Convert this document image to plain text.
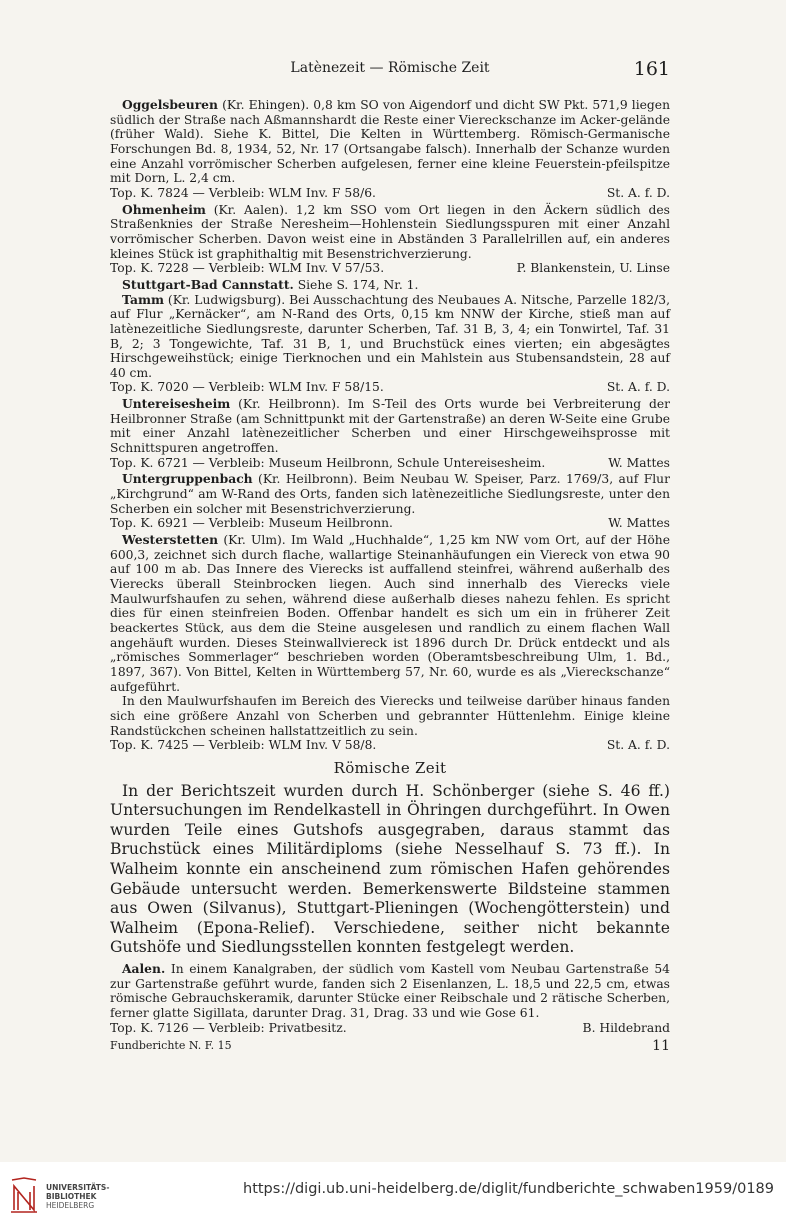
Latènezeit — Römische Zeit	161

Oggelsbeuren (Kr. Ehingen). 0,8 km SO von Aigendorf und dicht SW Pkt. 571,9 liegen südlich der Straße nach Aßmannshardt die Reste einer Viereckschanze im Acker-gelände (früher Wald). Siehe K. Bittel, Die Kelten in Württemberg. Römisch-Germanische Forschungen Bd. 8, 1934, 52, Nr. 17 (Ortsangabe falsch). Innerhalb der Schanze wurden eine Anzahl vorrömischer Scherben aufgelesen, ferner eine kleine Feuerstein-pfeilspitze mit Dorn, L. 2,4 cm.

Top. K. 7824 — Verbleib: WLM Inv. F 58/6.	St. A. f. D.

Ohmenheim (Kr. Aalen). 1,2 km SSO vom Ort liegen in den Äckern südlich des Straßenknies der Straße Neresheim—Hohlenstein Siedlungsspuren mit einer Anzahl vorrömischer Scherben. Davon weist eine in Abständen 3 Parallelrillen auf, ein anderes kleines Stück ist graphithaltig mit Besenstrichverzierung.

Top. K. 7228 — Verbleib: WLM Inv. V 57/53.	P. Blankenstein, U. Linse

Stuttgart-Bad Cannstatt. Siehe S. 174, Nr. 1.

Tamm (Kr. Ludwigsburg). Bei Ausschachtung des Neubaues A. Nitsche, Parzelle 182/3, auf Flur „Kernäcker“, am N-Rand des Orts, 0,15 km NNW der Kirche, stieß man auf latènezeitliche Siedlungsreste, darunter Scherben, Taf. 31 B, 3, 4; ein Tonwirtel, Taf. 31 B, 2; 3 Tongewichte, Taf. 31 B, 1, und Bruchstück eines vierten; ein abgesägtes Hirschgeweihstück; einige Tierknochen und ein Mahlstein aus Stubensandstein, 28 auf 40 cm.

Top. K. 7020 — Verbleib: WLM Inv. F 58/15.	St. A. f. D.

Untereisesheim (Kr. Heilbronn). Im S-Teil des Orts wurde bei Verbreiterung der Heilbronner Straße (am Schnittpunkt mit der Gartenstraße) an deren W-Seite eine Grube mit einer Anzahl latènezeitlicher Scherben und einer Hirschgeweihsprosse mit Schnittspuren angetroffen.

Top. K. 6721 — Verbleib: Museum Heilbronn, Schule Untereisesheim.	W. Mattes

Untergruppenbach (Kr. Heilbronn). Beim Neubau W. Speiser, Parz. 1769/3, auf Flur „Kirchgrund“ am W-Rand des Orts, fanden sich latènezeitliche Siedlungsreste, unter den Scherben ein solcher mit Besenstrichverzierung.

Top. K. 6921 — Verbleib: Museum Heilbronn.	W. Mattes

Westerstetten (Kr. Ulm). Im Wald „Huchhalde“, 1,25 km NW vom Ort, auf der Höhe 600,3, zeichnet sich durch flache, wallartige Steinanhäufungen ein Viereck von etwa 90 auf 100 m ab. Das Innere des Vierecks ist auffallend steinfrei, während außerhalb des Vierecks überall Steinbrocken liegen. Auch sind innerhalb des Vierecks viele Maulwurfshaufen zu sehen, während diese außerhalb dieses nahezu fehlen. Es spricht dies für einen steinfreien Boden. Offenbar handelt es sich um ein in früherer Zeit beackertes Stück, aus dem die Steine ausgelesen und randlich zu einem flachen Wall angehäuft wurden. Dieses Steinwallviereck ist 1896 durch Dr. Drück entdeckt und als „römisches Sommerlager“ beschrieben worden (Oberamtsbeschreibung Ulm, 1. Bd., 1897, 367). Von Bittel, Kelten in Württemberg 57, Nr. 60, wurde es als „Viereckschanze“ aufgeführt.

In den Maulwurfshaufen im Bereich des Vierecks und teilweise darüber hinaus fanden sich eine größere Anzahl von Scherben und gebrannter Hüttenlehm. Einige kleine Randstückchen scheinen hallstattzeitlich zu sein.

Top. K. 7425 — Verbleib: WLM Inv. V 58/8.	St. A. f. D.
Römische Zeit

In der Berichtszeit wurden durch H. Schönberger (siehe S. 46 ff.) Untersuchungen im Rendelkastell in Öhringen durchgeführt. In Owen wurden Teile eines Gutshofs ausgegraben, daraus stammt das Bruchstück eines Militärdiploms (siehe Nesselhauf S. 73 ff.). In Walheim konnte ein anscheinend zum römischen Hafen gehörendes Gebäude untersucht werden. Bemerkenswerte Bildsteine stammen aus Owen (Silvanus), Stuttgart-Plieningen (Wochengötterstein) und Walheim (Epona-Relief). Verschiedene, seither nicht bekannte Gutshöfe und Siedlungsstellen konnten festgelegt werden.

Aalen. In einem Kanalgraben, der südlich vom Kastell vom Neubau Gartenstraße 54 zur Gartenstraße geführt wurde, fanden sich 2 Eisenlanzen, L. 18,5 und 22,5 cm, etwas römische Gebrauchskeramik, darunter Stücke einer Reibschale und 2 rätische Scherben, ferner glatte Sigillata, darunter Drag. 31, Drag. 33 und wie Gose 61.

Top. K. 7126 — Verbleib: Privatbesitz.	B. Hildebrand
Fundberichte N. F. 15	11
UNIVERSITÄTS-
BIBLIOTHEK
HEIDELBERG
https://digi.ub.uni-heidelberg.de/diglit/fundberichte_schwaben1959/0189
